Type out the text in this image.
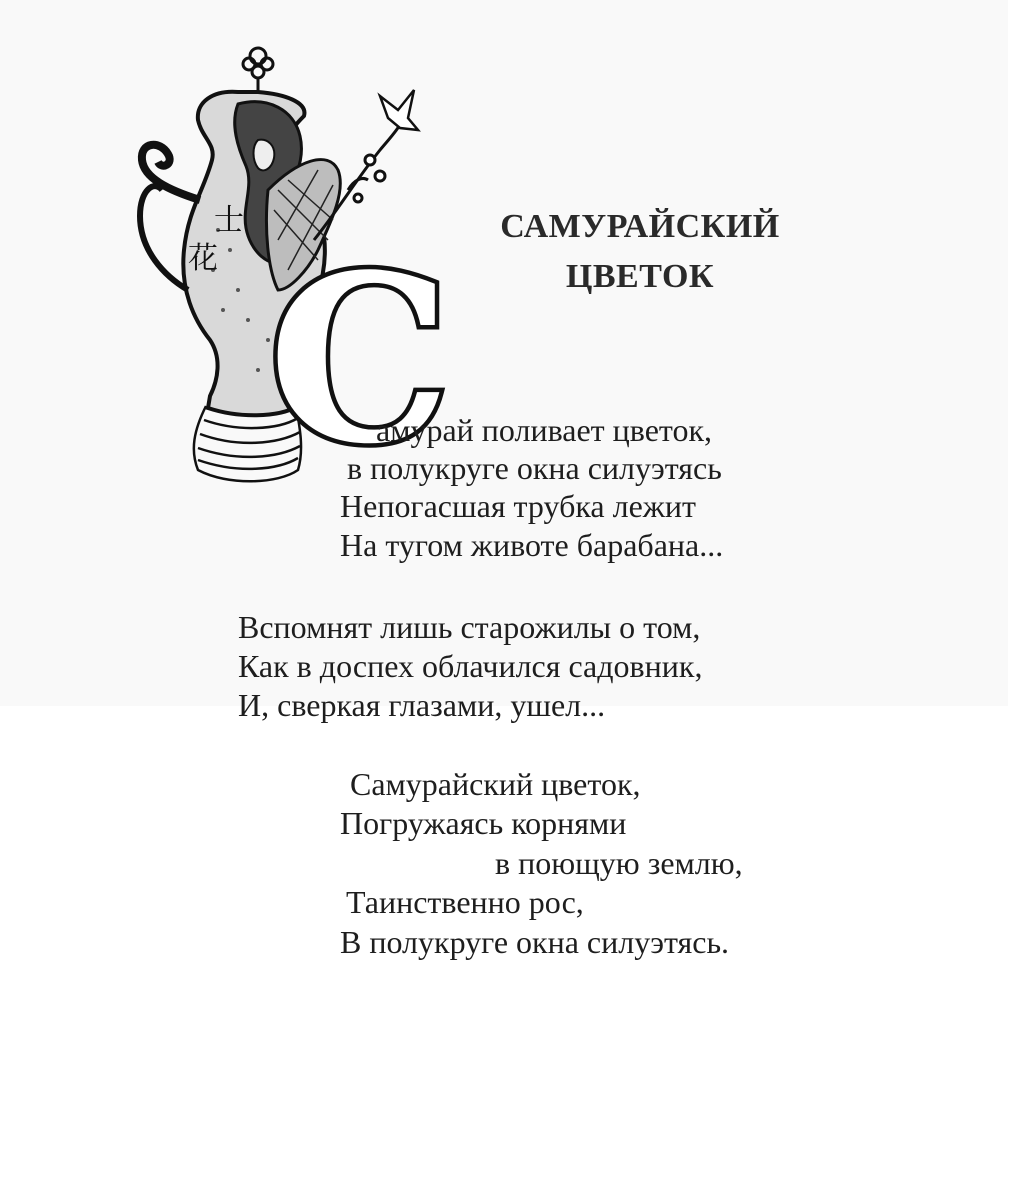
士
花 С	САМУРАЙСКИЙ
ЦВЕТОК

амурай поливает цветок,

в полукруге окна силуэтясь

Непогасшая трубка лежит

На тугом животе барабана...

Вспомнят лишь старожилы о том,

Как в доспех облачился садовник,

И, сверкая глазами, ушел...

Самурайский цветок,

Погружаясь корнями

в поющую землю,

Таинственно рос,

В полукруге окна силуэтясь.
